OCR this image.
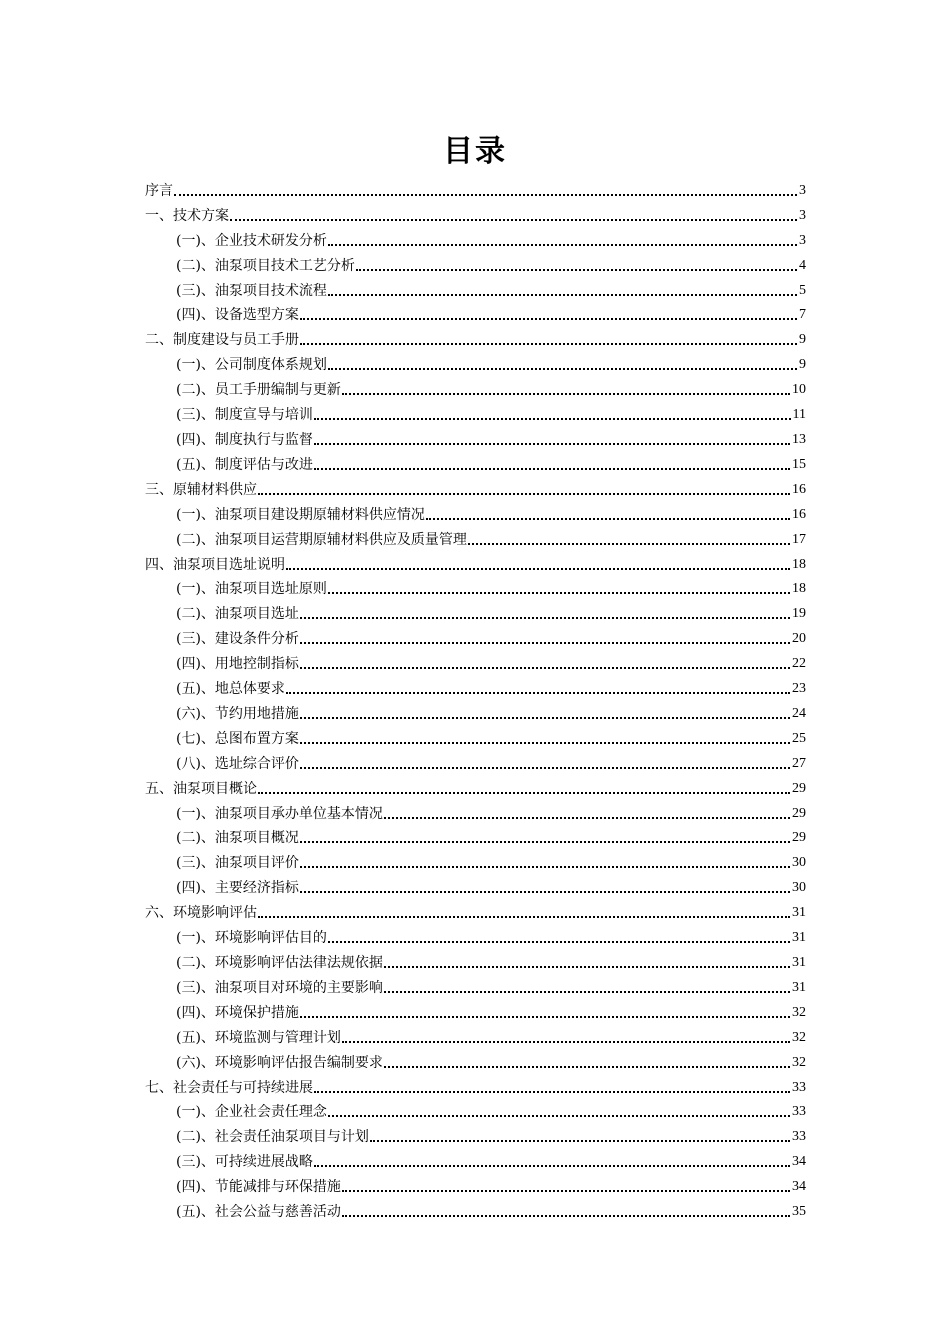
目录
序言	3
一、技术方案	3
(一)、企业技术研发分析	3
(二)、油泵项目技术工艺分析	4
(三)、油泵项目技术流程	5
(四)、设备选型方案	7
二、制度建设与员工手册	9
(一)、公司制度体系规划	9
(二)、员工手册编制与更新	10
(三)、制度宣导与培训	11
(四)、制度执行与监督	13
(五)、制度评估与改进	15
三、原辅材料供应	16
(一)、油泵项目建设期原辅材料供应情况	16
(二)、油泵项目运营期原辅材料供应及质量管理	17
四、油泵项目选址说明	18
(一)、油泵项目选址原则	18
(二)、油泵项目选址	19
(三)、建设条件分析	20
(四)、用地控制指标	22
(五)、地总体要求	23
(六)、节约用地措施	24
(七)、总图布置方案	25
(八)、选址综合评价	27
五、油泵项目概论	29
(一)、油泵项目承办单位基本情况	29
(二)、油泵项目概况	29
(三)、油泵项目评价	30
(四)、主要经济指标	30
六、环境影响评估	31
(一)、环境影响评估目的	31
(二)、环境影响评估法律法规依据	31
(三)、油泵项目对环境的主要影响	31
(四)、环境保护措施	32
(五)、环境监测与管理计划	32
(六)、环境影响评估报告编制要求	32
七、社会责任与可持续进展	33
(一)、企业社会责任理念	33
(二)、社会责任油泵项目与计划	33
(三)、可持续进展战略	34
(四)、节能减排与环保措施	34
(五)、社会公益与慈善活动	35
